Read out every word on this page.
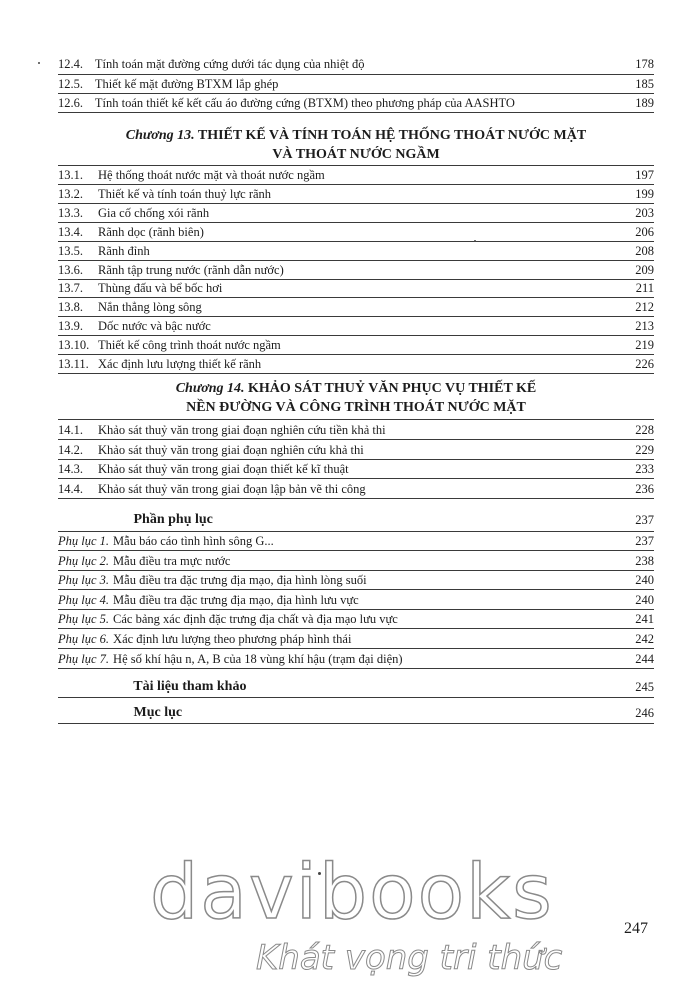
12.4. Tính toán mặt đường cứng dưới tác dụng của nhiệt độ	178
12.5. Thiết kế mặt đường BTXM lắp ghép	185
12.6. Tính toán thiết kế kết cấu áo đường cứng (BTXM) theo phương pháp của AASHTO	189
Chương 13. THIẾT KẾ VÀ TÍNH TOÁN HỆ THỐNG THOÁT NƯỚC MẶT
VÀ THOÁT NƯỚC NGẦM
13.1. Hệ thống thoát nước mặt và thoát nước ngầm	197
13.2. Thiết kế và tính toán thuỷ lực rãnh	199
13.3. Gia cố chống xói rãnh	203
13.4. Rãnh dọc (rãnh biên)	206
13.5. Rãnh đỉnh	208
13.6. Rãnh tập trung nước (rãnh dẫn nước)	209
13.7. Thùng đấu và bể bốc hơi	211
13.8. Nắn thẳng lòng sông	212
13.9. Dốc nước và bậc nước	213
13.10. Thiết kế công trình thoát nước ngầm	219
13.11. Xác định lưu lượng thiết kế rãnh	226
Chương 14. KHẢO SÁT THUỶ VĂN PHỤC VỤ THIẾT KẾ
NỀN ĐƯỜNG VÀ CÔNG TRÌNH THOÁT NƯỚC MẶT
14.1. Khảo sát thuỷ văn trong giai đoạn nghiên cứu tiền khả thi	228
14.2. Khảo sát thuỷ văn trong giai đoạn nghiên cứu khả thi	229
14.3. Khảo sát thuỷ văn trong giai đoạn thiết kế kĩ thuật	233
14.4. Khảo sát thuỷ văn trong giai đoạn lập bản vẽ thi công	236
Phần phụ lục	237
Phụ lục 1. Mẫu báo cáo tình hình sông G...	237
Phụ lục 2. Mẫu điều tra mực nước	238
Phụ lục 3. Mẫu điều tra đặc trưng địa mạo, địa hình lòng suối	240
Phụ lục 4. Mẫu điều tra đặc trưng địa mạo, địa hình lưu vực	240
Phụ lục 5. Các bảng xác định đặc trưng địa chất và địa mạo lưu vực	241
Phụ lục 6. Xác định lưu lượng theo phương pháp hình thái	242
Phụ lục 7. Hệ số khí hậu n, A, B của 18 vùng khí hậu (trạm đại diện)	244
Tài liệu tham khảo	245
Mục lục	246
davibooks
Khát vọng tri thức
247
